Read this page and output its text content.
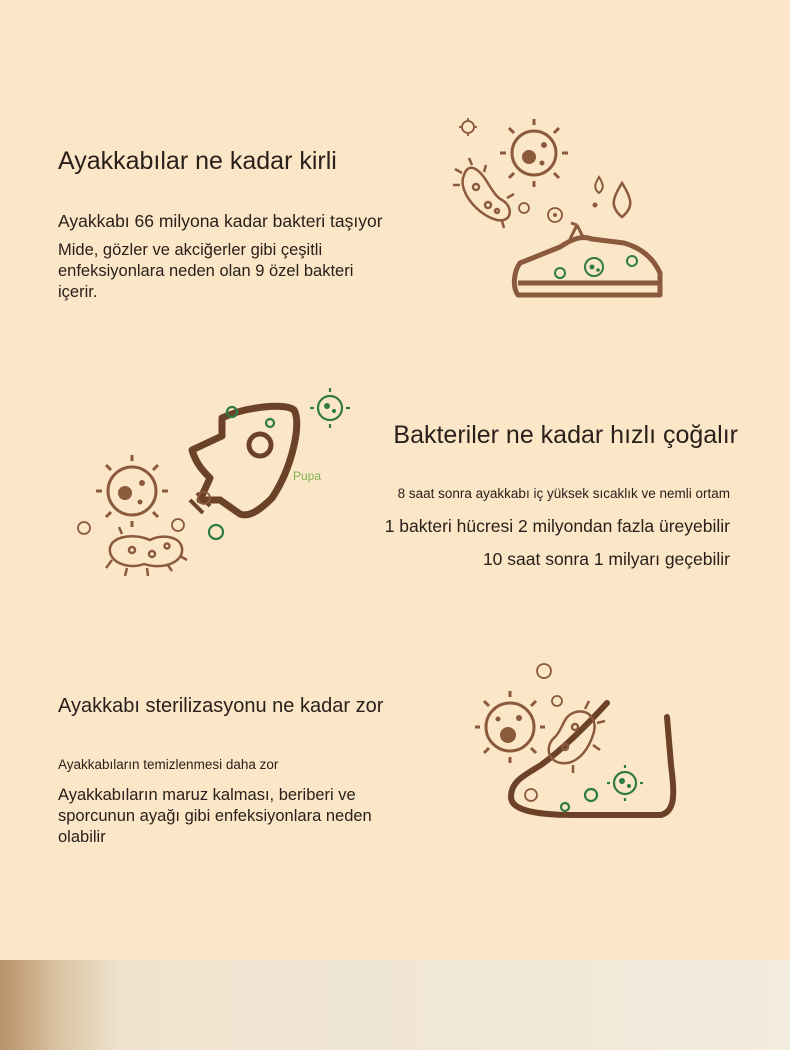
Ayakkabılar ne kadar kirli
Ayakkabı 66 milyona kadar bakteri taşıyor
Mide, gözler ve akciğerler gibi çeşitli enfeksiyonlara neden olan 9 özel bakteri içerir.
Bakteriler ne kadar hızlı çoğalır
8 saat sonra ayakkabı iç yüksek sıcaklık ve nemli ortam
1 bakteri hücresi 2 milyondan fazla üreyebilir
10 saat sonra 1 milyarı geçebilir
Pupa
Ayakkabı sterilizasyonu ne kadar zor
Ayakkabıların temizlenmesi daha zor
Ayakkabıların maruz kalması, beriberi ve sporcunun ayağı gibi enfeksiyonlara neden olabilir
